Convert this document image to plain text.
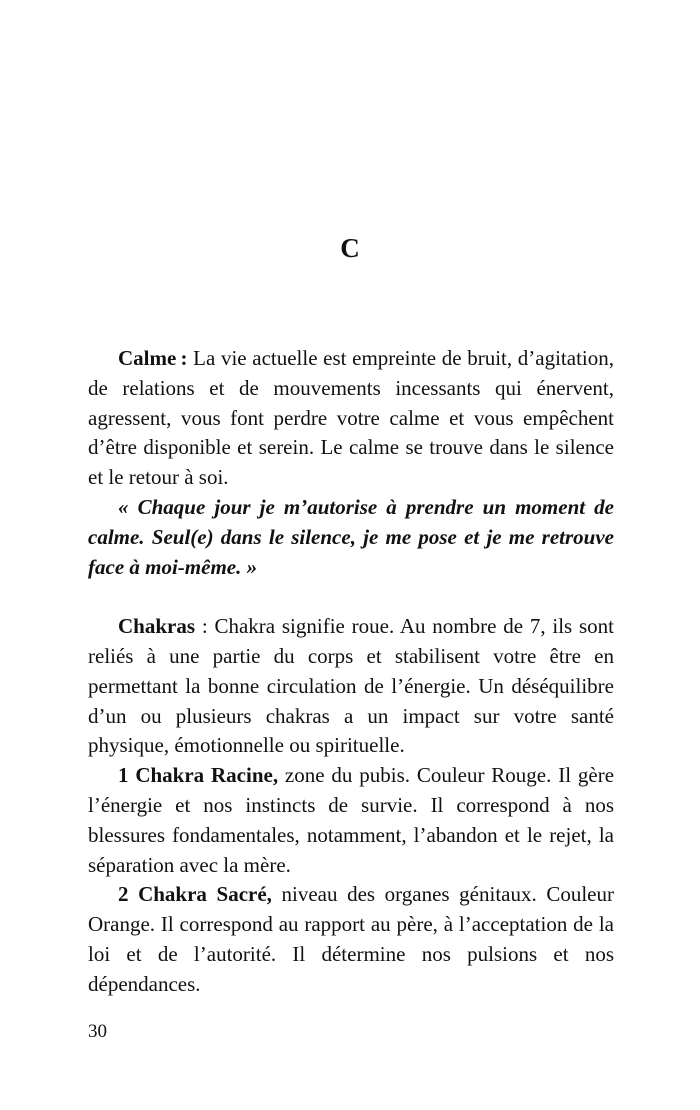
C

Calme : La vie actuelle est empreinte de bruit, d’agitation, de relations et de mouvements incessants qui énervent, agressent, vous font perdre votre calme et vous empêchent d’être disponible et serein. Le calme se trouve dans le silence et le retour à soi.

« Chaque jour je m’autorise à prendre un moment de calme. Seul(e) dans le silence, je me pose et je me retrouve face à moi-même. »

Chakras : Chakra signifie roue. Au nombre de 7, ils sont reliés à une partie du corps et stabilisent votre être en permettant la bonne circulation de l’énergie. Un déséquilibre d’un ou plusieurs chakras a un impact sur votre santé physique, émotionnelle ou spirituelle.

1 Chakra Racine, zone du pubis. Couleur Rouge. Il gère l’énergie et nos instincts de survie. Il correspond à nos blessures fondamentales, notamment, l’abandon et le rejet, la séparation avec la mère.

2 Chakra Sacré, niveau des organes génitaux. Couleur Orange. Il correspond au rapport au père, à l’acceptation de la loi et de l’autorité. Il détermine nos pulsions et nos dépendances.

30
